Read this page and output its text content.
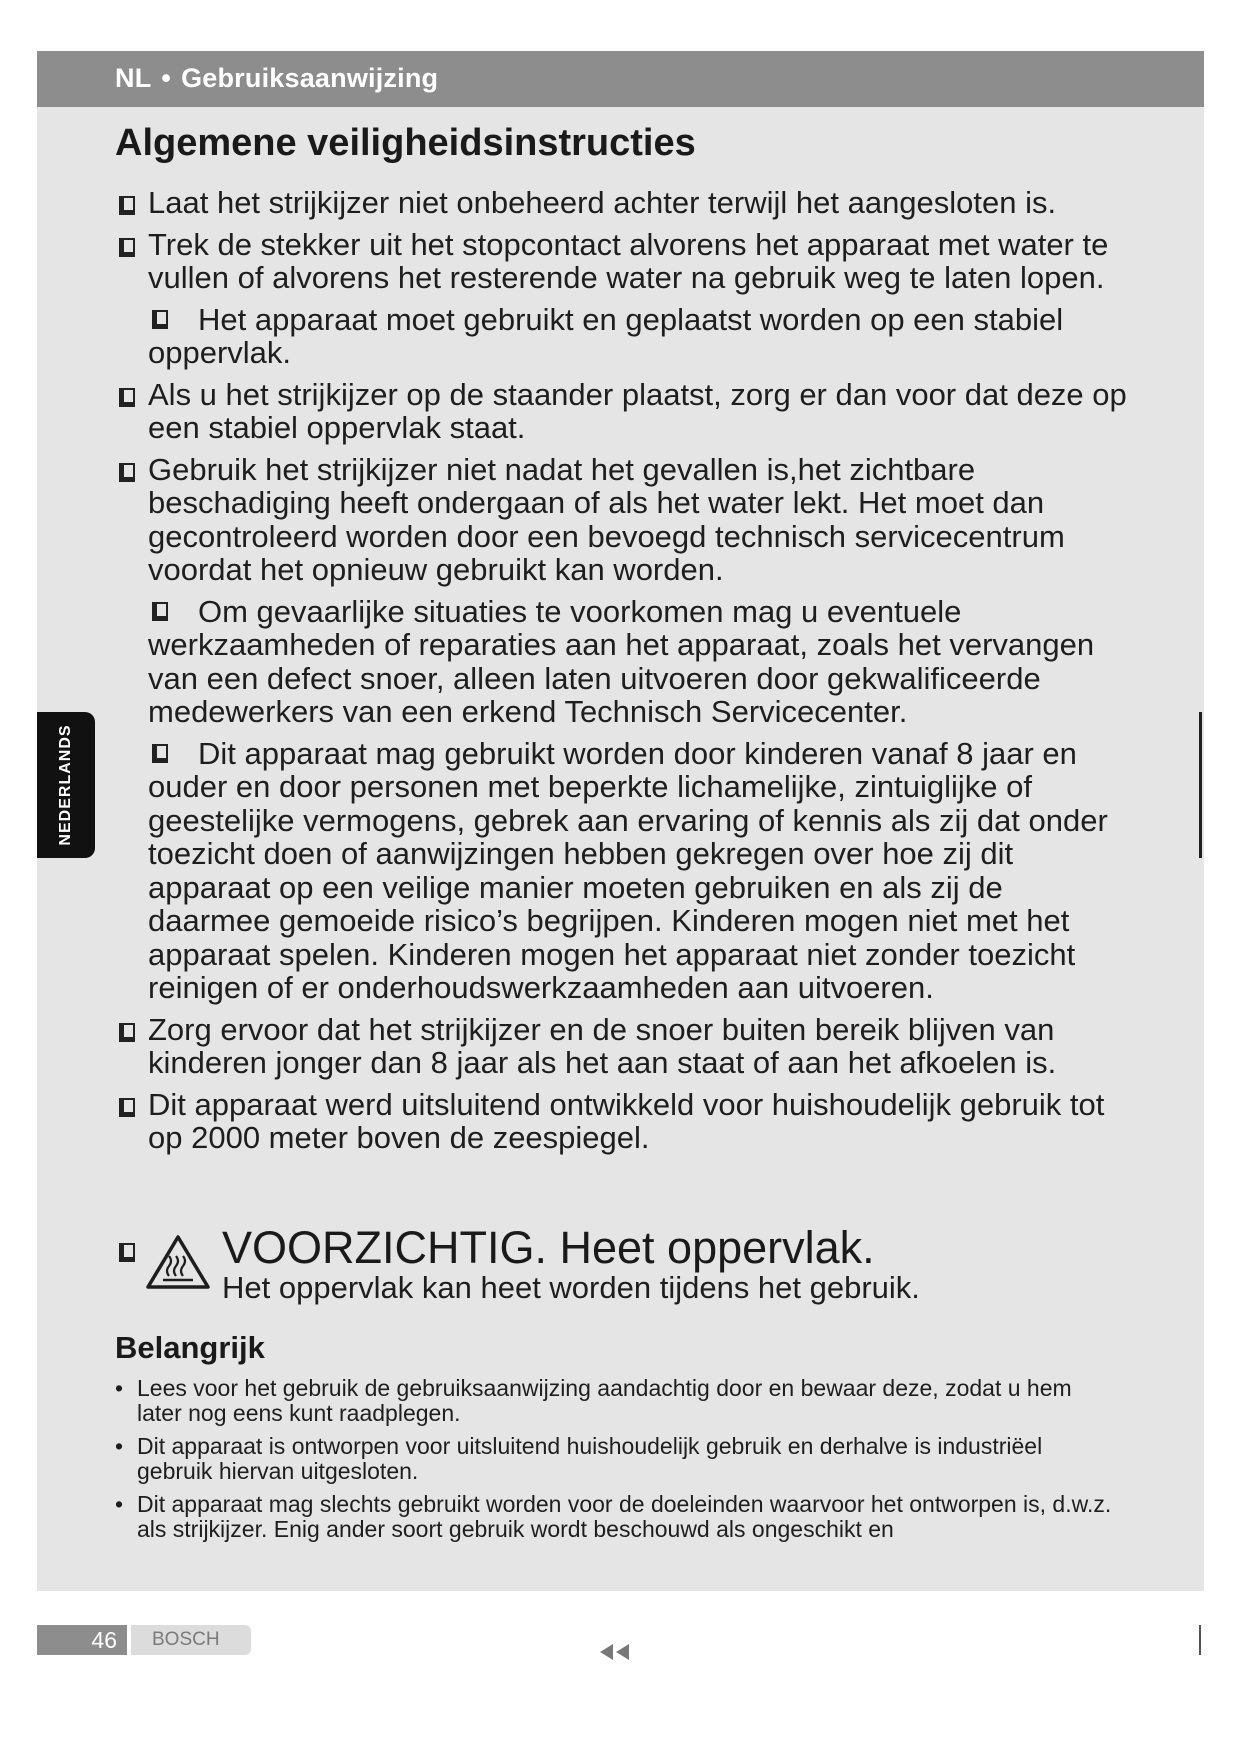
NL • Gebruiksaanwijzing
NEDERLANDS
Algemene veiligheidsinstructies
Laat het strijkijzer niet onbeheerd achter terwijl het aangesloten is.
Trek de stekker uit het stopcontact alvorens het apparaat met water te vullen of alvorens het resterende water na gebruik weg te laten lopen.
Het apparaat moet gebruikt en geplaatst worden op een stabiel oppervlak.
Als u het strijkijzer op de staander plaatst, zorg er dan voor dat deze op een stabiel oppervlak staat.
Gebruik het strijkijzer niet nadat het gevallen is,het zichtbare beschadiging heeft ondergaan of als het water lekt. Het moet dan gecontroleerd worden door een bevoegd technisch servicecentrum voordat het opnieuw gebruikt kan worden.
Om gevaarlijke situaties te voorkomen mag u eventuele werkzaamheden of reparaties aan het apparaat, zoals het vervangen van een defect snoer, alleen laten uitvoeren door gekwalificeerde medewerkers van een erkend Technisch Servicecenter.
Dit apparaat mag gebruikt worden door kinderen vanaf 8 jaar en ouder en door personen met beperkte lichamelijke, zintuiglijke of geestelijke vermogens, gebrek aan ervaring of kennis als zij dat onder toezicht doen of aanwijzingen hebben gekregen over hoe zij dit apparaat op een veilige manier moeten gebruiken en als zij de daarmee gemoeide risico’s begrijpen. Kinderen mogen niet met het apparaat spelen. Kinderen mogen het apparaat niet zonder toezicht reinigen of er onderhoudswerkzaamheden aan uitvoeren.
Zorg ervoor dat het strijkijzer en de snoer buiten bereik blijven van kinderen jonger dan 8 jaar als het aan staat of aan het afkoelen is.
Dit apparaat werd uitsluitend ontwikkeld voor huishoudelijk gebruik tot op 2000 meter boven de zeespiegel.
VOORZICHTIG. Heet oppervlak.
Het oppervlak kan heet worden tijdens het gebruik.
Belangrijk
• Lees voor het gebruik de gebruiksaanwijzing aandachtig door en bewaar deze, zodat u hem later nog eens kunt raadplegen.
• Dit apparaat is ontworpen voor uitsluitend huishoudelijk gebruik en derhalve is industriëel gebruik hiervan uitgesloten.
• Dit apparaat mag slechts gebruikt worden voor de doeleinden waarvoor het ontworpen is, d.w.z. als strijkijzer. Enig ander soort gebruik wordt beschouwd als ongeschikt en
46 BOSCH
